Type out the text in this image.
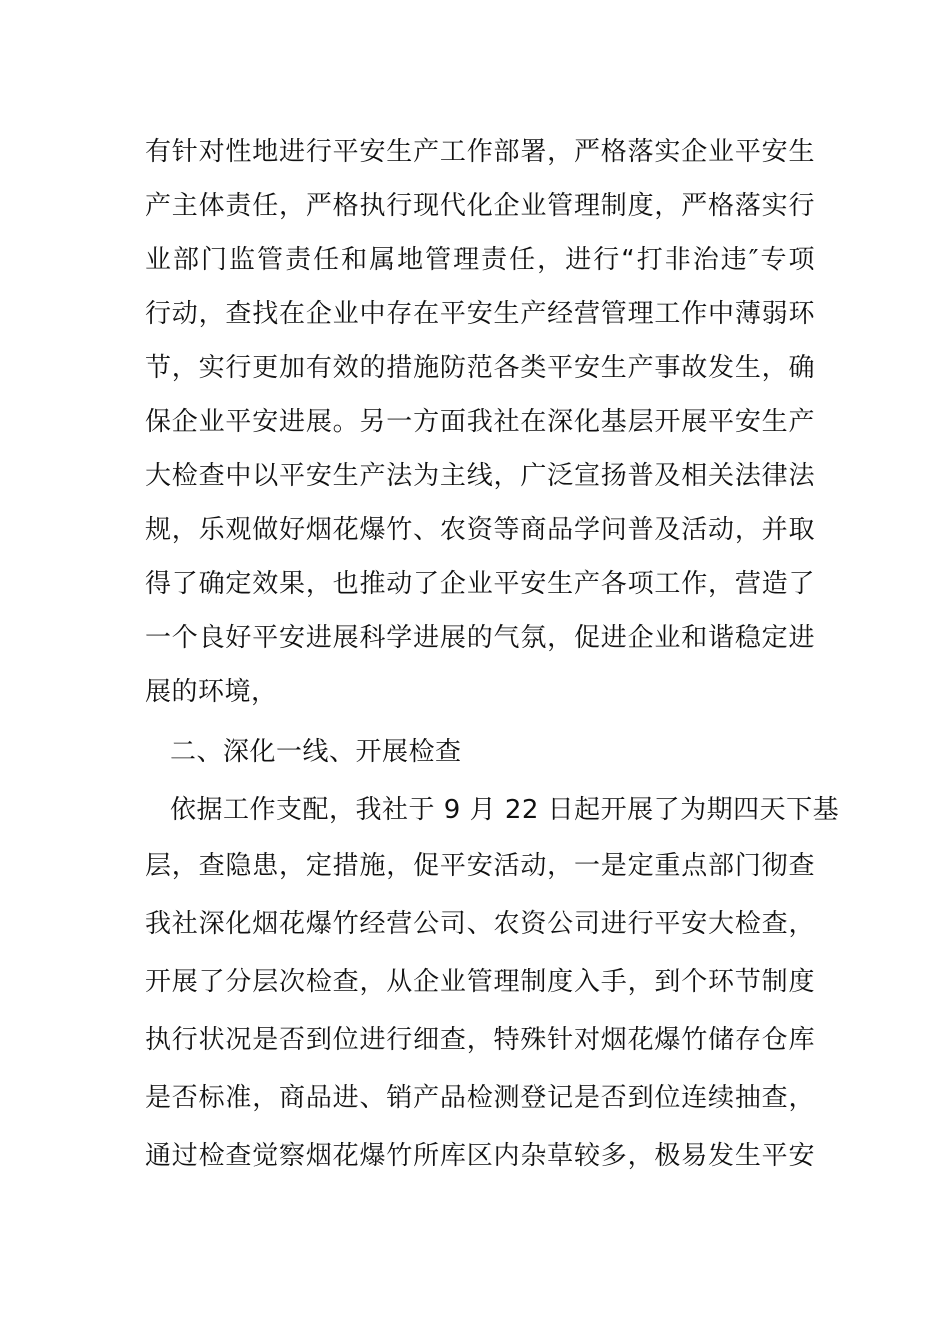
有针对性地进行平安生产工作部署，严格落实企业平安生
产主体责任，严格执行现代化企业管理制度，严格落实行
业部门监管责任和属地管理责任，进行“打非治违″专项
行动，查找在企业中存在平安生产经营管理工作中薄弱环
节，实行更加有效的措施防范各类平安生产事故发生，确
保企业平安进展。另一方面我社在深化基层开展平安生产
大检查中以平安生产法为主线，广泛宣扬普及相关法律法
规，乐观做好烟花爆竹、农资等商品学问普及活动，并取
得了确定效果，也推动了企业平安生产各项工作，营造了
一个良好平安进展科学进展的气氛，促进企业和谐稳定进
展的环境，
二、深化一线、开展检查
依据工作支配，我社于 9 月 22 日起开展了为期四天下基
层，查隐患，定措施，促平安活动，一是定重点部门彻查
我社深化烟花爆竹经营公司、农资公司进行平安大检查，
开展了分层次检查，从企业管理制度入手，到个环节制度
执行状况是否到位进行细查，特殊针对烟花爆竹储存仓库
是否标准，商品进、销产品检测登记是否到位连续抽查，
通过检查觉察烟花爆竹所库区内杂草较多，极易发生平安
